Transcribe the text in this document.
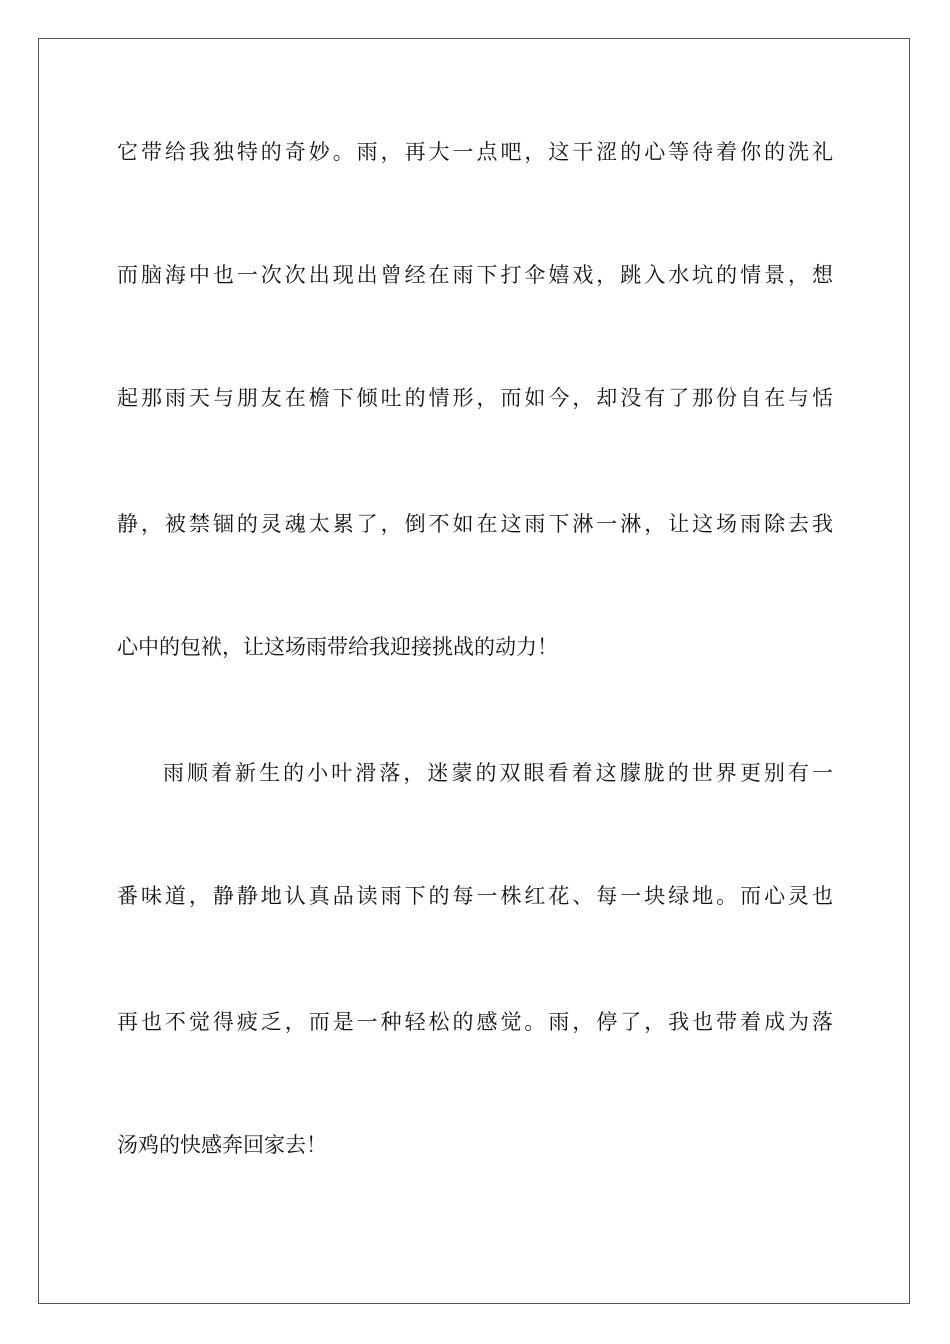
它带给我独特的奇妙。雨，再大一点吧，这干涩的心等待着你的洗礼
而脑海中也一次次出现出曾经在雨下打伞嬉戏，跳入水坑的情景，想
起那雨天与朋友在檐下倾吐的情形，而如今，却没有了那份自在与恬
静，被禁锢的灵魂太累了，倒不如在这雨下淋一淋，让这场雨除去我
心中的包袱，让这场雨带给我迎接挑战的动力！
雨顺着新生的小叶滑落，迷蒙的双眼看着这朦胧的世界更别有一
番味道，静静地认真品读雨下的每一株红花、每一块绿地。而心灵也
再也不觉得疲乏，而是一种轻松的感觉。雨，停了，我也带着成为落
汤鸡的快感奔回家去！
